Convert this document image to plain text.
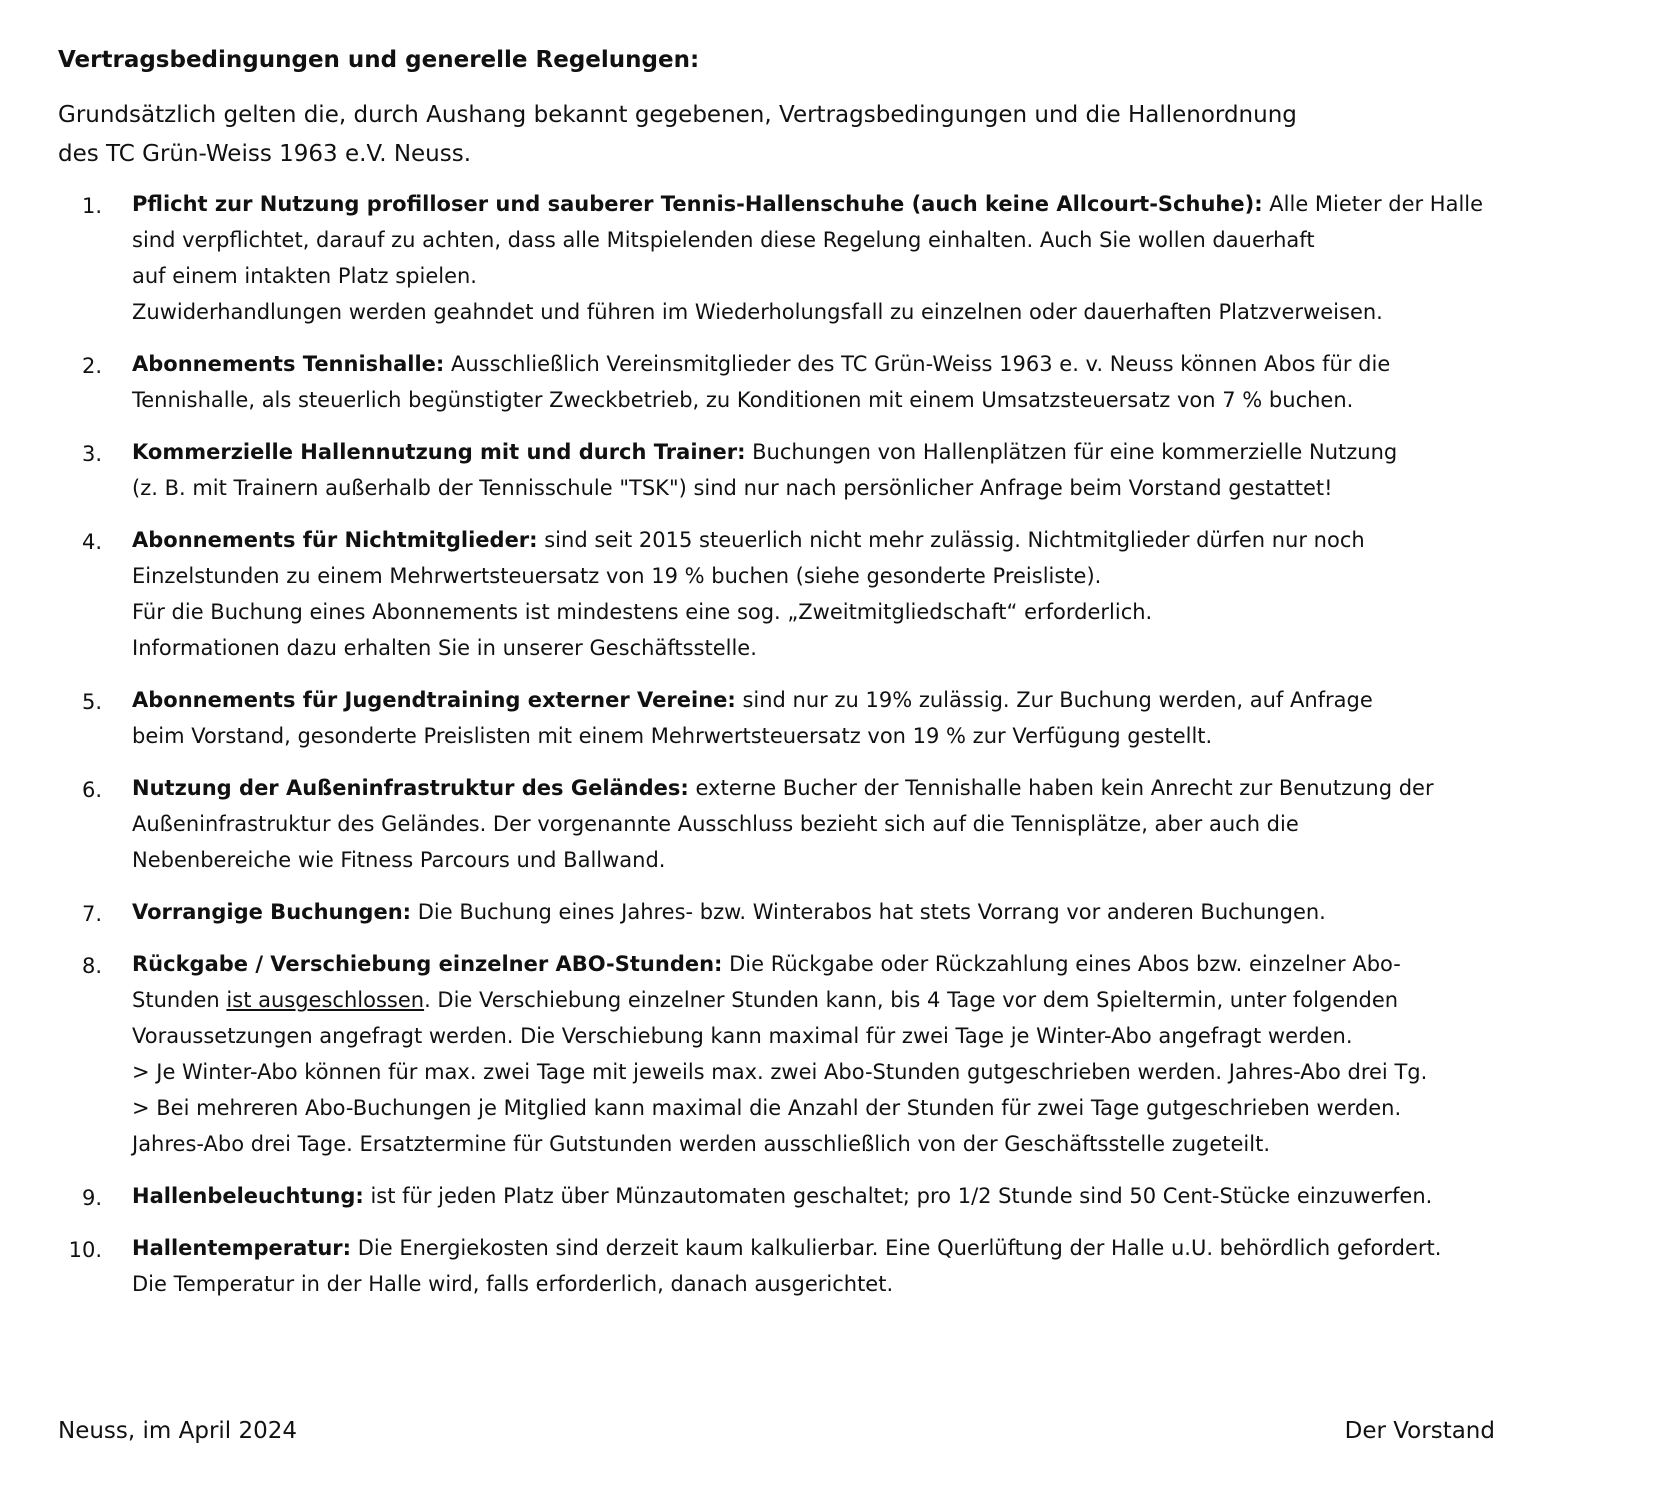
Vertragsbedingungen und generelle Regelungen:
Grundsätzlich gelten die, durch Aushang bekannt gegebenen, Vertragsbedingungen und die Hallenordnung
des TC Grün-Weiss 1963 e.V. Neuss.
1. Pflicht zur Nutzung profilloser und sauberer Tennis-Hallenschuhe (auch keine Allcourt-Schuhe): Alle Mieter der Halle
sind verpflichtet, darauf zu achten, dass alle Mitspielenden diese Regelung einhalten. Auch Sie wollen dauerhaft
auf einem intakten Platz spielen.
Zuwiderhandlungen werden geahndet und führen im Wiederholungsfall zu einzelnen oder dauerhaften Platzverweisen.
2. Abonnements Tennishalle: Ausschließlich Vereinsmitglieder des TC Grün-Weiss 1963 e. v. Neuss können Abos für die
Tennishalle, als steuerlich begünstigter Zweckbetrieb, zu Konditionen mit einem Umsatzsteuersatz von 7 % buchen.
3. Kommerzielle Hallennutzung mit und durch Trainer: Buchungen von Hallenplätzen für eine kommerzielle Nutzung
(z. B. mit Trainern außerhalb der Tennisschule "TSK") sind nur nach persönlicher Anfrage beim Vorstand gestattet!
4. Abonnements für Nichtmitglieder: sind seit 2015 steuerlich nicht mehr zulässig. Nichtmitglieder dürfen nur noch
Einzelstunden zu einem Mehrwertsteuersatz von 19 % buchen (siehe gesonderte Preisliste).
Für die Buchung eines Abonnements ist mindestens eine sog. „Zweitmitgliedschaft“ erforderlich.
Informationen dazu erhalten Sie in unserer Geschäftsstelle.
5. Abonnements für Jugendtraining externer Vereine: sind nur zu 19% zulässig. Zur Buchung werden, auf Anfrage
beim Vorstand, gesonderte Preislisten mit einem Mehrwertsteuersatz von 19 % zur Verfügung gestellt.
6. Nutzung der Außeninfrastruktur des Geländes: externe Bucher der Tennishalle haben kein Anrecht zur Benutzung der
Außeninfrastruktur des Geländes. Der vorgenannte Ausschluss bezieht sich auf die Tennisplätze, aber auch die
Nebenbereiche wie Fitness Parcours und Ballwand.
7. Vorrangige Buchungen: Die Buchung eines Jahres- bzw. Winterabos hat stets Vorrang vor anderen Buchungen.
8. Rückgabe / Verschiebung einzelner ABO-Stunden: Die Rückgabe oder Rückzahlung eines Abos bzw. einzelner Abo-
Stunden ist ausgeschlossen. Die Verschiebung einzelner Stunden kann, bis 4 Tage vor dem Spieltermin, unter folgenden
Voraussetzungen angefragt werden. Die Verschiebung kann maximal für zwei Tage je Winter-Abo angefragt werden.
> Je Winter-Abo können für max. zwei Tage mit jeweils max. zwei Abo-Stunden gutgeschrieben werden. Jahres-Abo drei Tg.
> Bei mehreren Abo-Buchungen je Mitglied kann maximal die Anzahl der Stunden für zwei Tage gutgeschrieben werden.
Jahres-Abo drei Tage. Ersatztermine für Gutstunden werden ausschließlich von der Geschäftsstelle zugeteilt.
9. Hallenbeleuchtung: ist für jeden Platz über Münzautomaten geschaltet; pro 1/2 Stunde sind 50 Cent-Stücke einzuwerfen.
10. Hallentemperatur: Die Energiekosten sind derzeit kaum kalkulierbar. Eine Querlüftung der Halle u.U. behördlich gefordert.
Die Temperatur in der Halle wird, falls erforderlich, danach ausgerichtet.
Neuss, im April 2024	Der Vorstand
